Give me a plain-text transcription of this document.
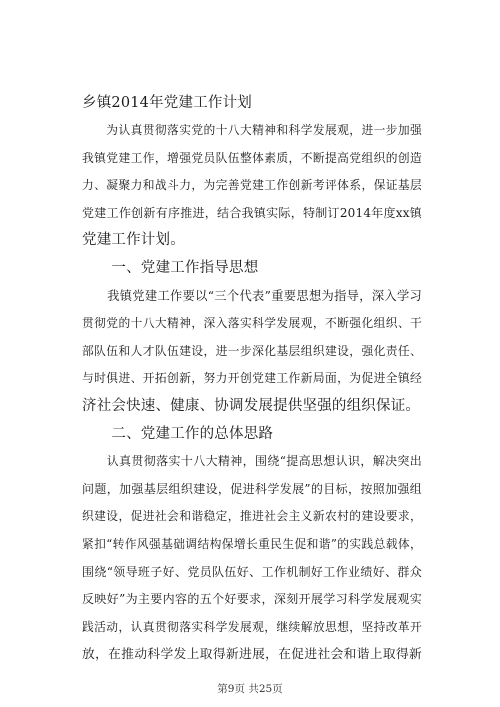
乡镇2014年党建工作计划
　　为认真贯彻落实党的十八大精神和科学发展观，进一步加强
我镇党建工作，增强党员队伍整体素质，不断提高党组织的创造
力、凝聚力和战斗力，为完善党建工作创新考评体系，保证基层
党建工作创新有序推进，结合我镇实际，特制订2014年度xx镇
党建工作计划。
　　一、党建工作指导思想
　　我镇党建工作要以“三个代表”重要思想为指导，深入学习
贯彻党的十八大精神，深入落实科学发展观，不断强化组织、干
部队伍和人才队伍建设，进一步深化基层组织建设，强化责任、
与时俱进、开拓创新，努力开创党建工作新局面，为促进全镇经
济社会快速、健康、协调发展提供坚强的组织保证。
　　二、党建工作的总体思路
　　认真贯彻落实十八大精神，围绕“提高思想认识，解决突出
问题，加强基层组织建设，促进科学发展”的目标，按照加强组
织建设，促进社会和谐稳定，推进社会主义新农村的建设要求，
紧扣“转作风强基础调结构保增长重民生促和谐”的实践总载体，
围绕“领导班子好、党员队伍好、工作机制好工作业绩好、群众
反映好”为主要内容的五个好要求，深刻开展学习科学发展观实
践活动，认真贯彻落实科学发展观，继续解放思想，坚持改革开
放，在推动科学发上取得新进展，在促进社会和谐上取得新
第9页 共25页
